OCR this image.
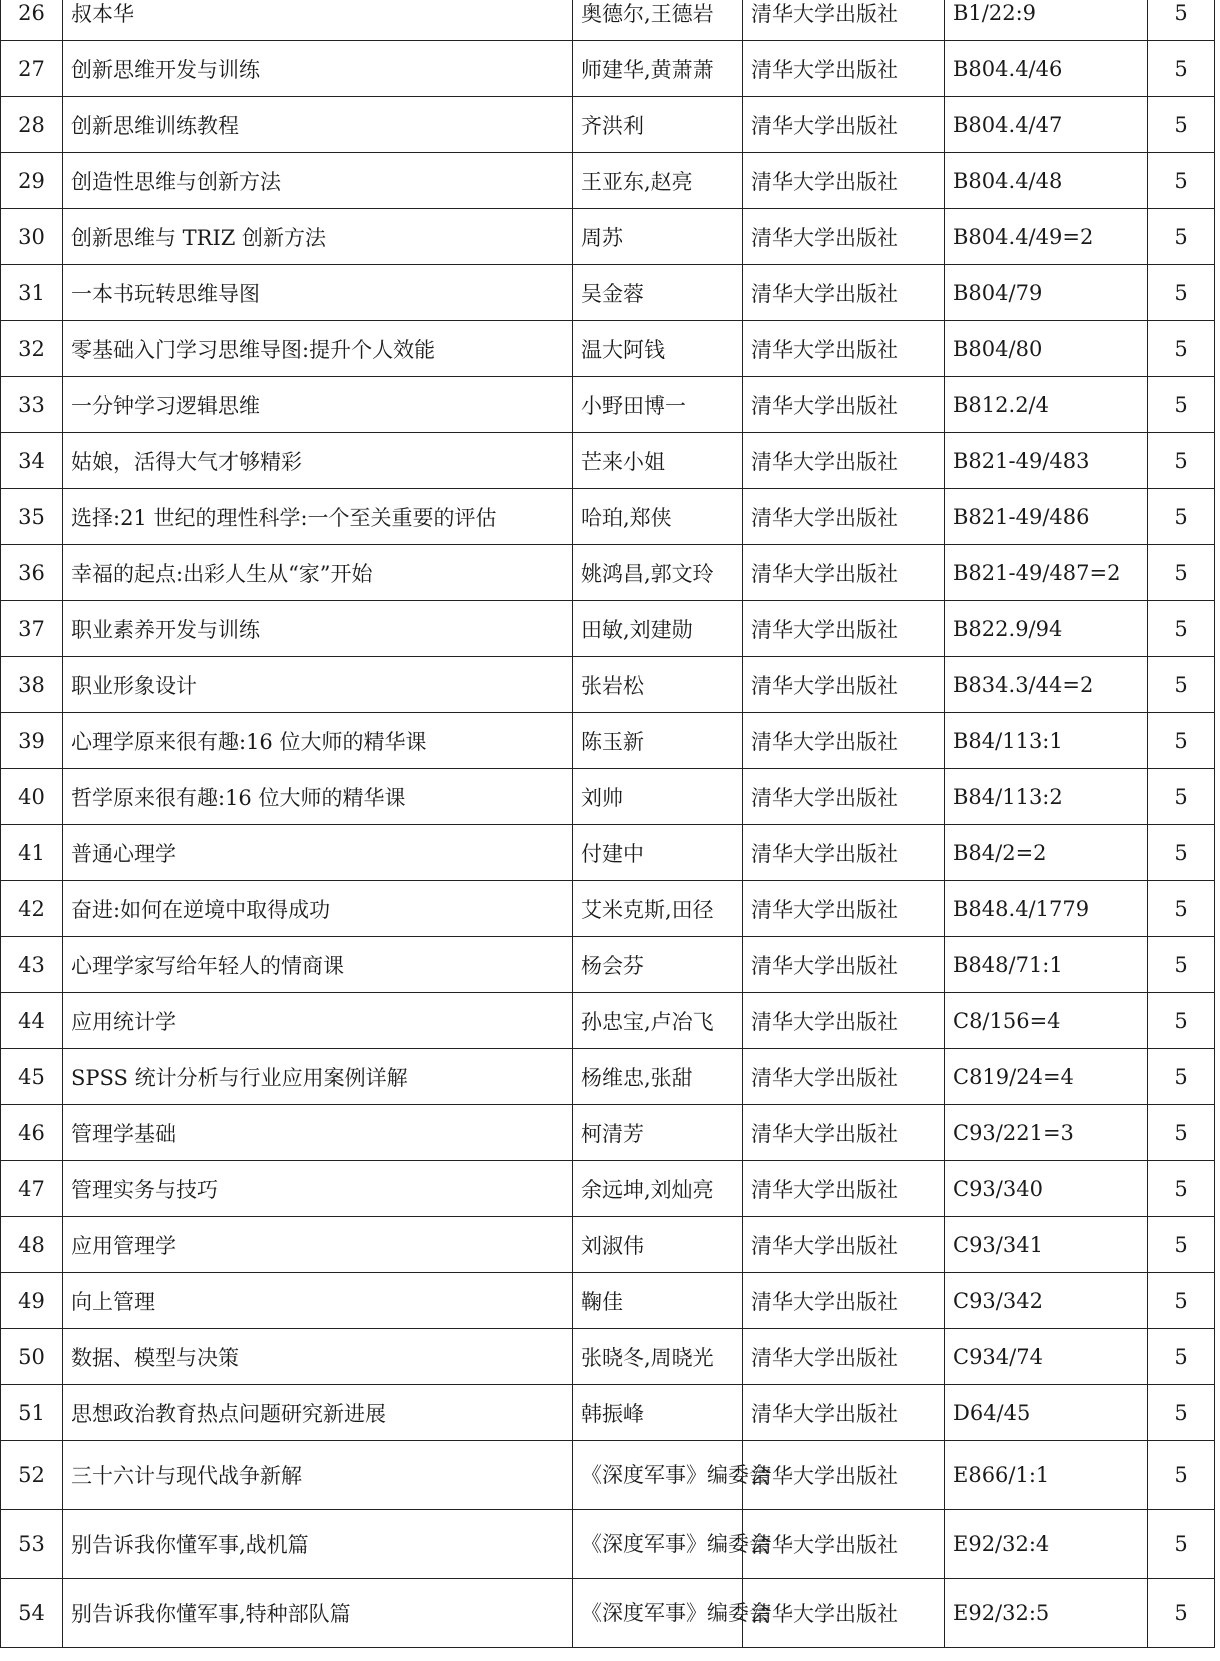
26	叔本华	奥德尔,王德岩	清华大学出版社	B1/22:9	5
27	创新思维开发与训练	师建华,黄萧萧	清华大学出版社	B804.4/46	5
28	创新思维训练教程	齐洪利	清华大学出版社	B804.4/47	5
29	创造性思维与创新方法	王亚东,赵亮	清华大学出版社	B804.4/48	5
30	创新思维与 TRIZ 创新方法	周苏	清华大学出版社	B804.4/49=2	5
31	一本书玩转思维导图	吴金蓉	清华大学出版社	B804/79	5
32	零基础入门学习思维导图:提升个人效能	温大阿钱	清华大学出版社	B804/80	5
33	一分钟学习逻辑思维	小野田博一	清华大学出版社	B812.2/4	5
34	姑娘，活得大气才够精彩	芒来小姐	清华大学出版社	B821-49/483	5
35	选择:21 世纪的理性科学:一个至关重要的评估	哈珀,郑侠	清华大学出版社	B821-49/486	5
36	幸福的起点:出彩人生从“家”开始	姚鸿昌,郭文玲	清华大学出版社	B821-49/487=2	5
37	职业素养开发与训练	田敏,刘建勋	清华大学出版社	B822.9/94	5
38	职业形象设计	张岩松	清华大学出版社	B834.3/44=2	5
39	心理学原来很有趣:16 位大师的精华课	陈玉新	清华大学出版社	B84/113:1	5
40	哲学原来很有趣:16 位大师的精华课	刘帅	清华大学出版社	B84/113:2	5
41	普通心理学	付建中	清华大学出版社	B84/2=2	5
42	奋进:如何在逆境中取得成功	艾米克斯,田径	清华大学出版社	B848.4/1779	5
43	心理学家写给年轻人的情商课	杨会芬	清华大学出版社	B848/71:1	5
44	应用统计学	孙忠宝,卢冶飞	清华大学出版社	C8/156=4	5
45	SPSS 统计分析与行业应用案例详解	杨维忠,张甜	清华大学出版社	C819/24=4	5
46	管理学基础	柯清芳	清华大学出版社	C93/221=3	5
47	管理实务与技巧	余远坤,刘灿亮	清华大学出版社	C93/340	5
48	应用管理学	刘淑伟	清华大学出版社	C93/341	5
49	向上管理	鞠佳	清华大学出版社	C93/342	5
50	数据、模型与决策	张晓冬,周晓光	清华大学出版社	C934/74	5
51	思想政治教育热点问题研究新进展	韩振峰	清华大学出版社	D64/45	5
52	三十六计与现代战争新解	《深度军事》编委会	清华大学出版社	E866/1:1	5
53	别告诉我你懂军事,战机篇	《深度军事》编委会	清华大学出版社	E92/32:4	5
54	别告诉我你懂军事,特种部队篇	《深度军事》编委会	清华大学出版社	E92/32:5	5
